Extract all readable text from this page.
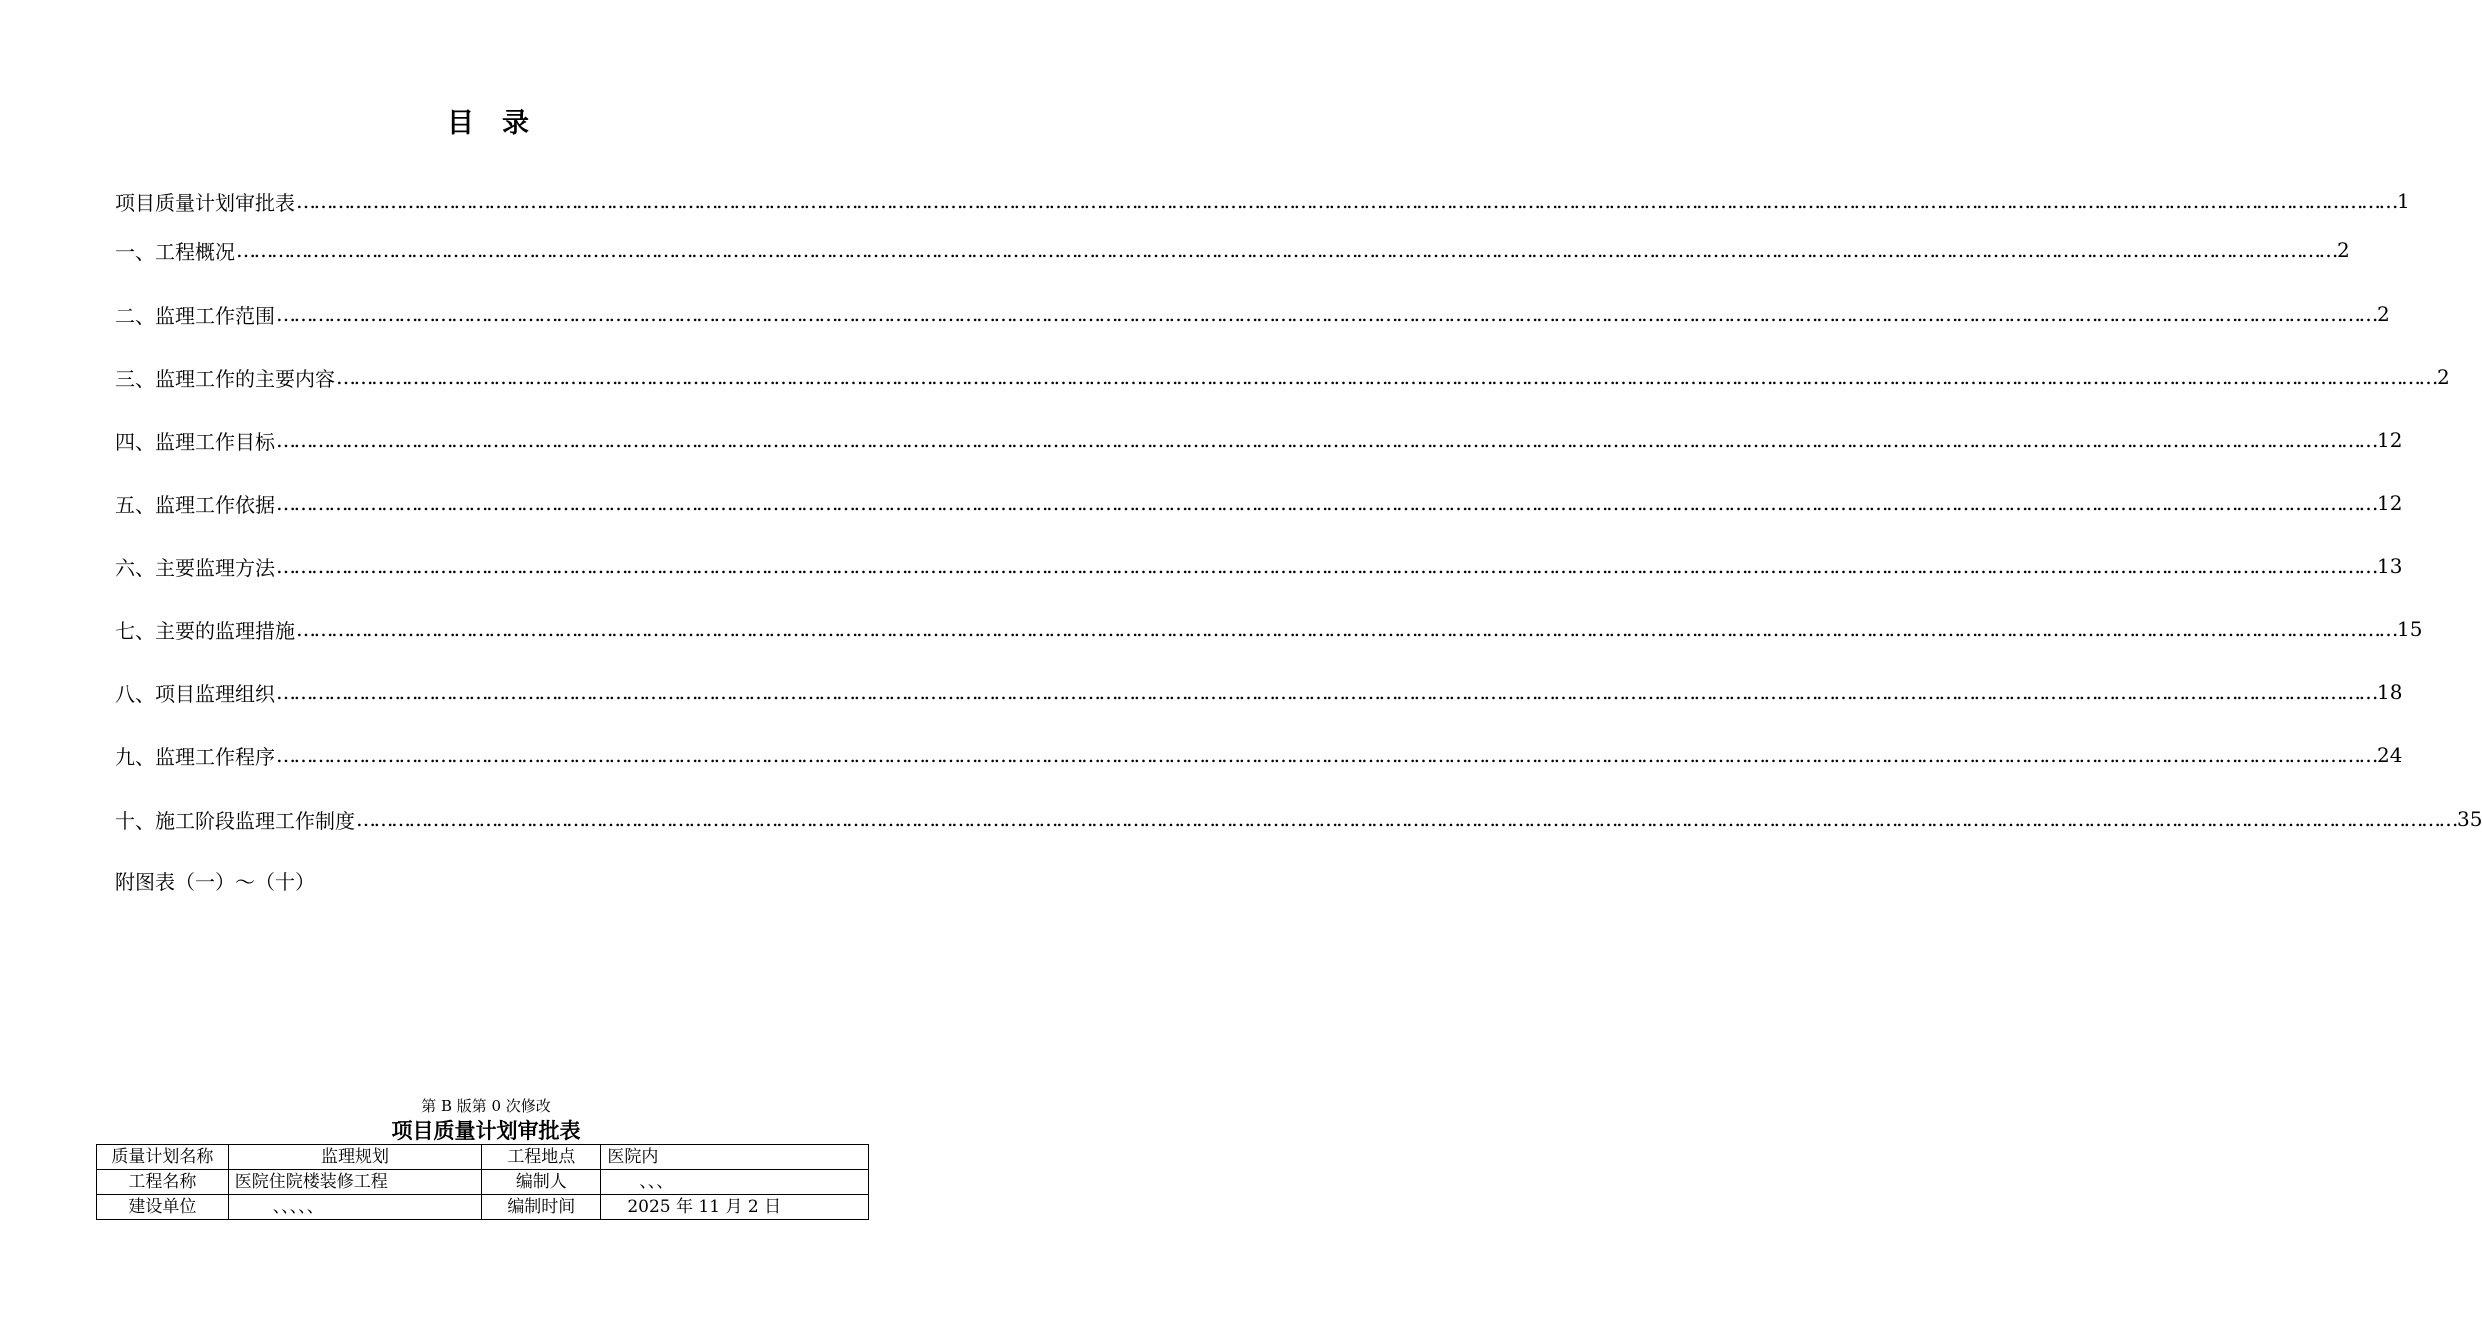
目 录
项目质量计划审批表 ……………………………………………………………………………………………………………………………………………………………………………………………………………………………………………………………………………………………………………………………… 1
一、工程概况 ……………………………………………………………………………………………………………………………………………………………………………………………………………………………………………………………………………………………………………………………… 2
二、监理工作范围 ……………………………………………………………………………………………………………………………………………………………………………………………………………………………………………………………………………………………………………………………… 2
三、监理工作的主要内容 ……………………………………………………………………………………………………………………………………………………………………………………………………………………………………………………………………………………………………………………………… 2
四、监理工作目标 ……………………………………………………………………………………………………………………………………………………………………………………………………………………………………………………………………………………………………………………………… 12
五、监理工作依据 ……………………………………………………………………………………………………………………………………………………………………………………………………………………………………………………………………………………………………………………………… 12
六、主要监理方法 ……………………………………………………………………………………………………………………………………………………………………………………………………………………………………………………………………………………………………………………………… 13
七、主要的监理措施 ……………………………………………………………………………………………………………………………………………………………………………………………………………………………………………………………………………………………………………………………… 15
八、项目监理组织 ……………………………………………………………………………………………………………………………………………………………………………………………………………………………………………………………………………………………………………………………… 18
九、监理工作程序 ……………………………………………………………………………………………………………………………………………………………………………………………………………………………………………………………………………………………………………………………… 24
十、施工阶段监理工作制度 ……………………………………………………………………………………………………………………………………………………………………………………………………………………………………………………………………………………………………………………………… 35
附图表（一）～（十）
第 B 版第 0 次修改
项目质量计划审批表
质量计划名称	监理规划	工程地点	医院内
工程名称	医院住院楼装修工程	编制人	、、、
建设单位	、、、、、	编制时间	2025 年 11 月 2 日
